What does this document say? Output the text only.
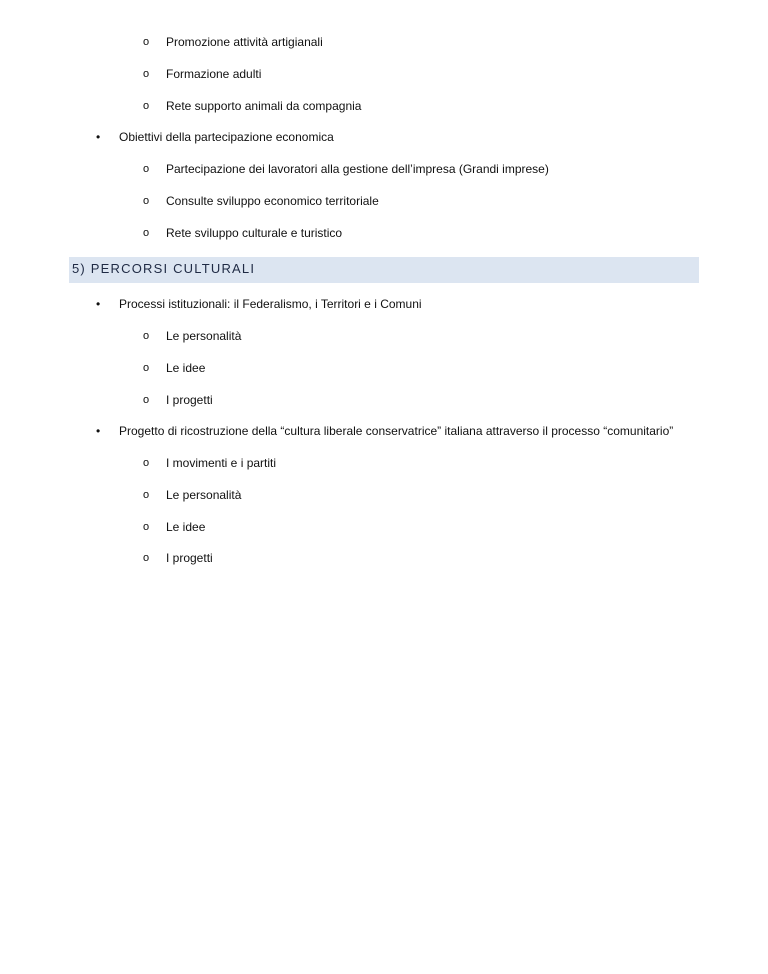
o	Promozione attività artigianali
o	Formazione adulti
o	Rete supporto animali da compagnia
• Obiettivi della partecipazione economica
o	Partecipazione dei lavoratori alla gestione dell’impresa (Grandi imprese)
o	Consulte sviluppo economico territoriale
o	Rete sviluppo culturale e turistico
5) PERCORSI CULTURALI
• Processi istituzionali: il Federalismo, i Territori e i Comuni
o	Le personalità
o	Le idee
o	I progetti
• Progetto di ricostruzione della “cultura liberale conservatrice” italiana attraverso il processo “comunitario”
o	I movimenti e i partiti
o	Le personalità
o	Le idee
o	I progetti
